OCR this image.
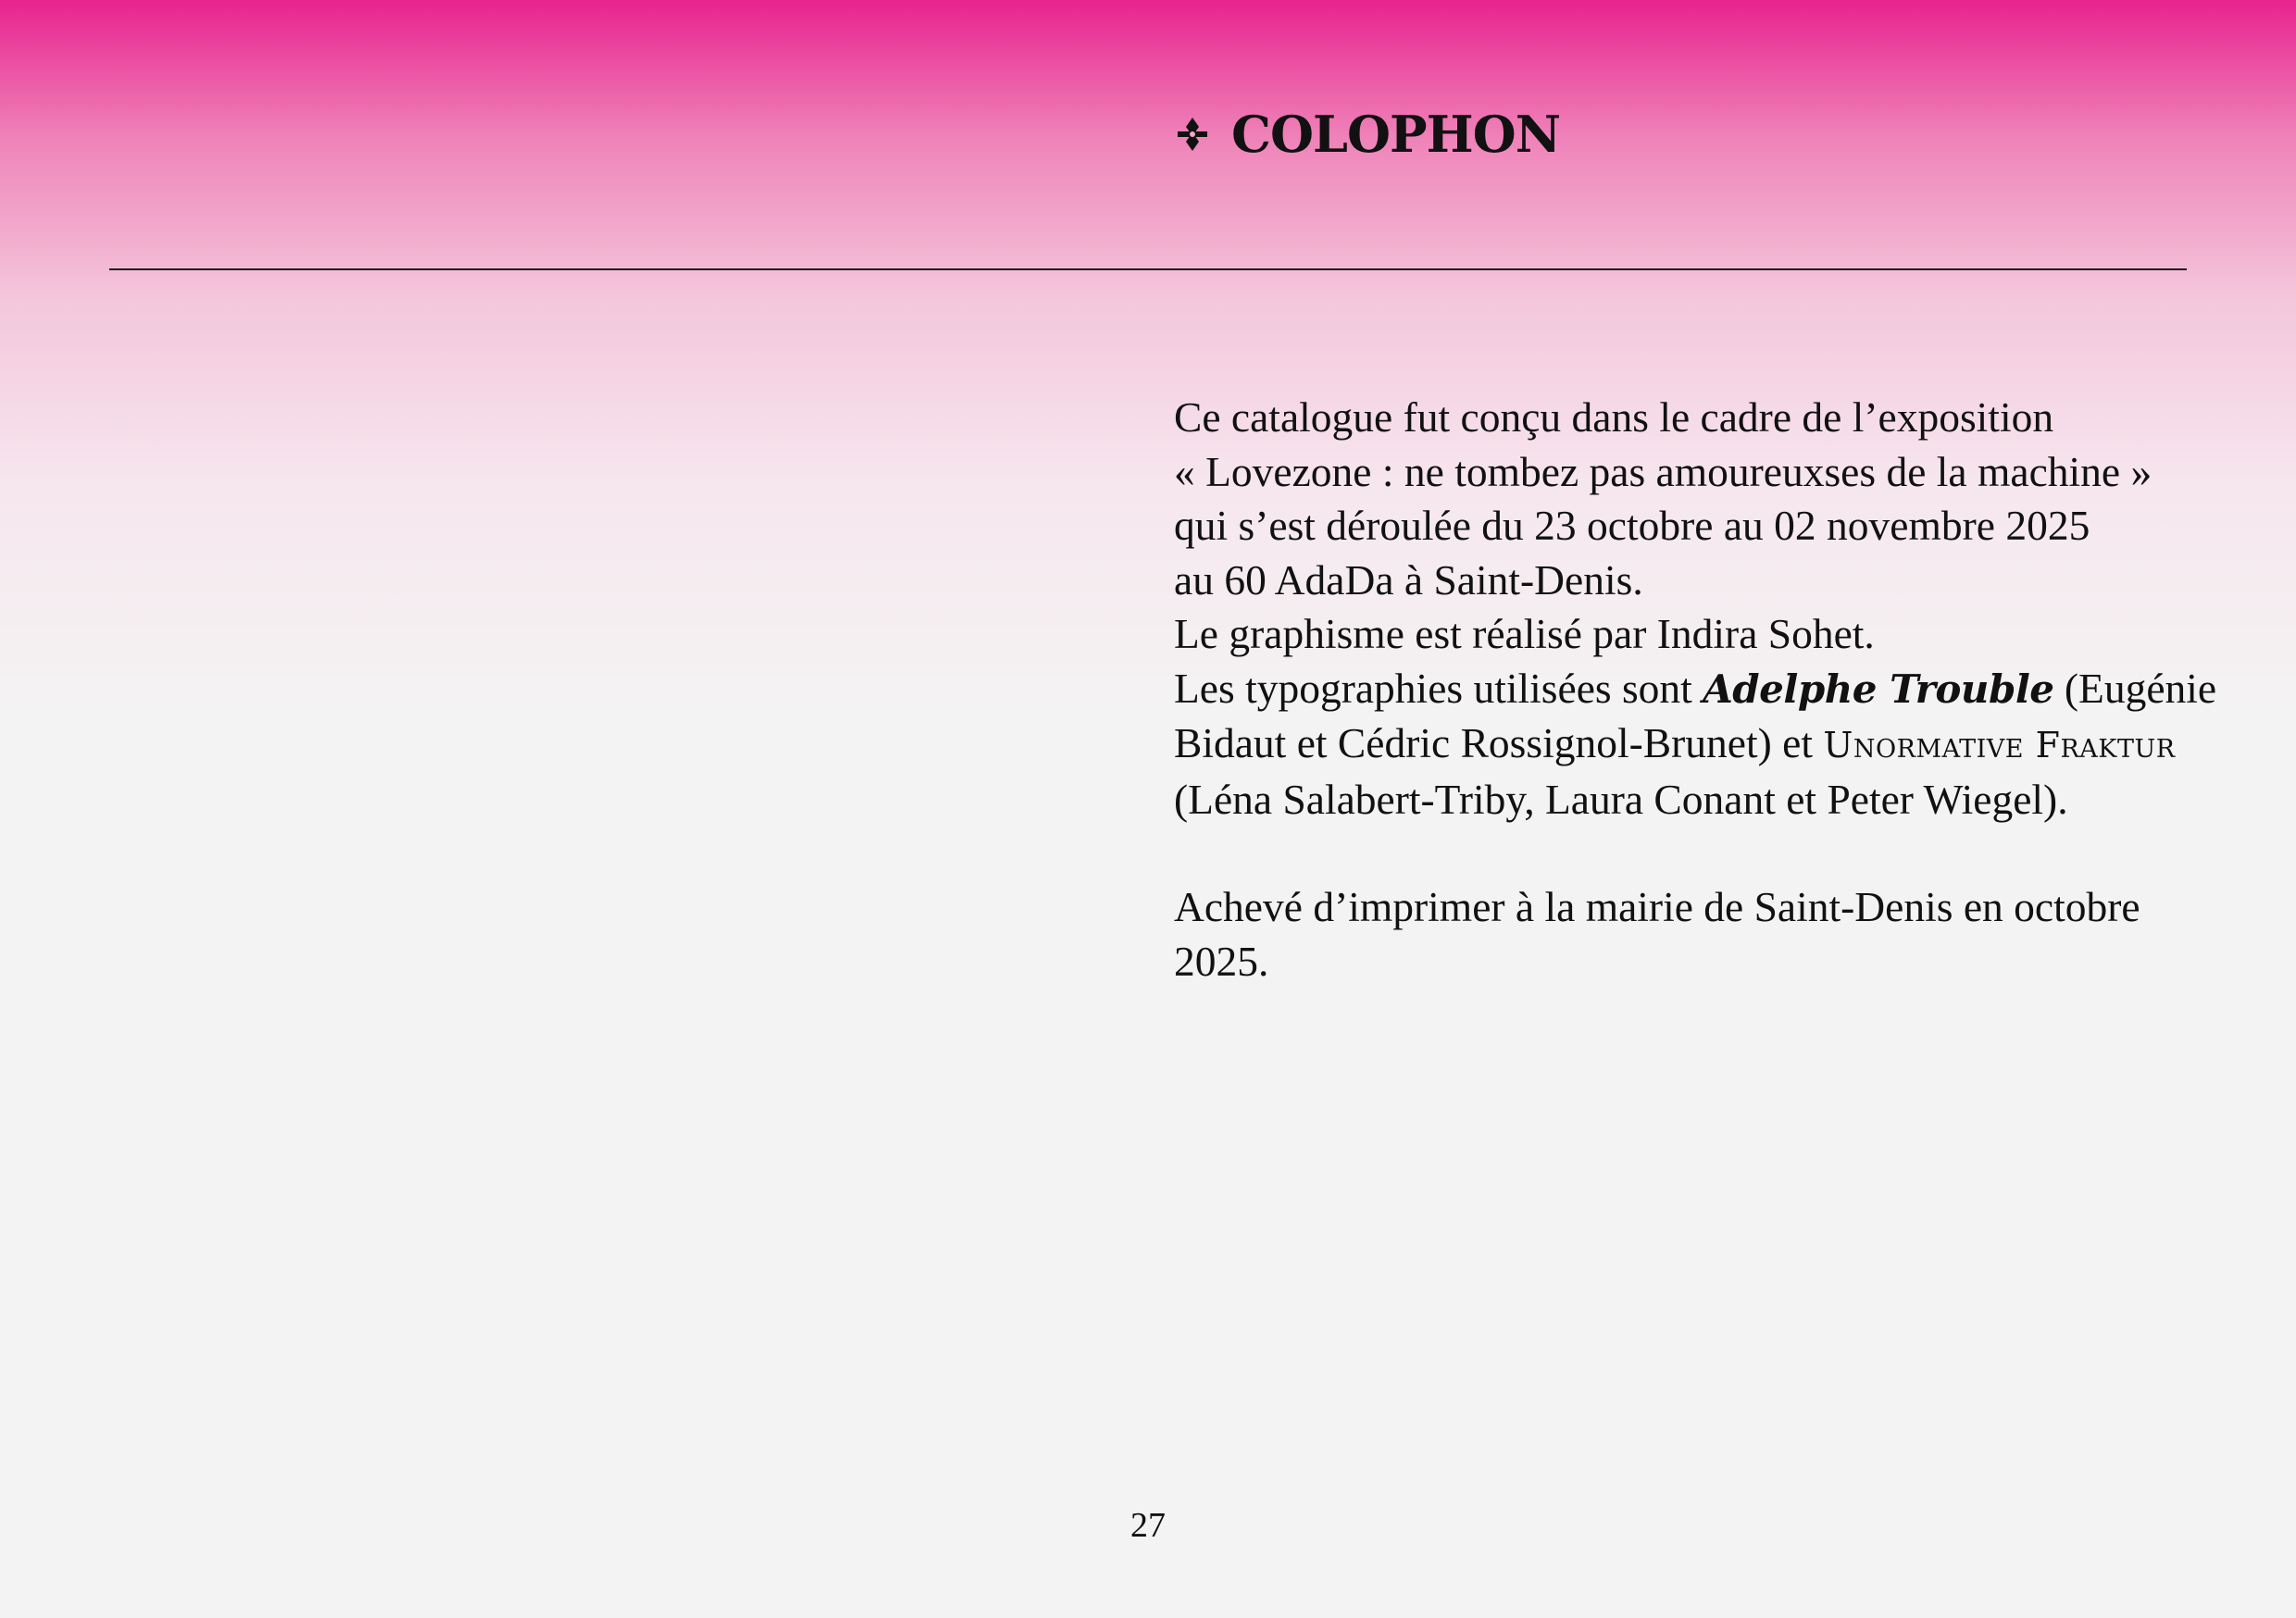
COLOPHON
Ce catalogue fut conçu dans le cadre de l’exposition
« Lovezone : ne tombez pas amoureuxses de la machine »
qui s’est déroulée du 23 octobre au 02 novembre 2025
au 60 AdaDa à Saint-Denis.
Le graphisme est réalisé par Indira Sohet.
Les typographies utilisées sont Adelphe Trouble (Eugénie
Bidaut et Cédric Rossignol-Brunet) et Unormative Fraktur
(Léna Salabert-Triby, Laura Conant et Peter Wiegel).
Achevé d’imprimer à la mairie de Saint-Denis en octobre
2025.
27
